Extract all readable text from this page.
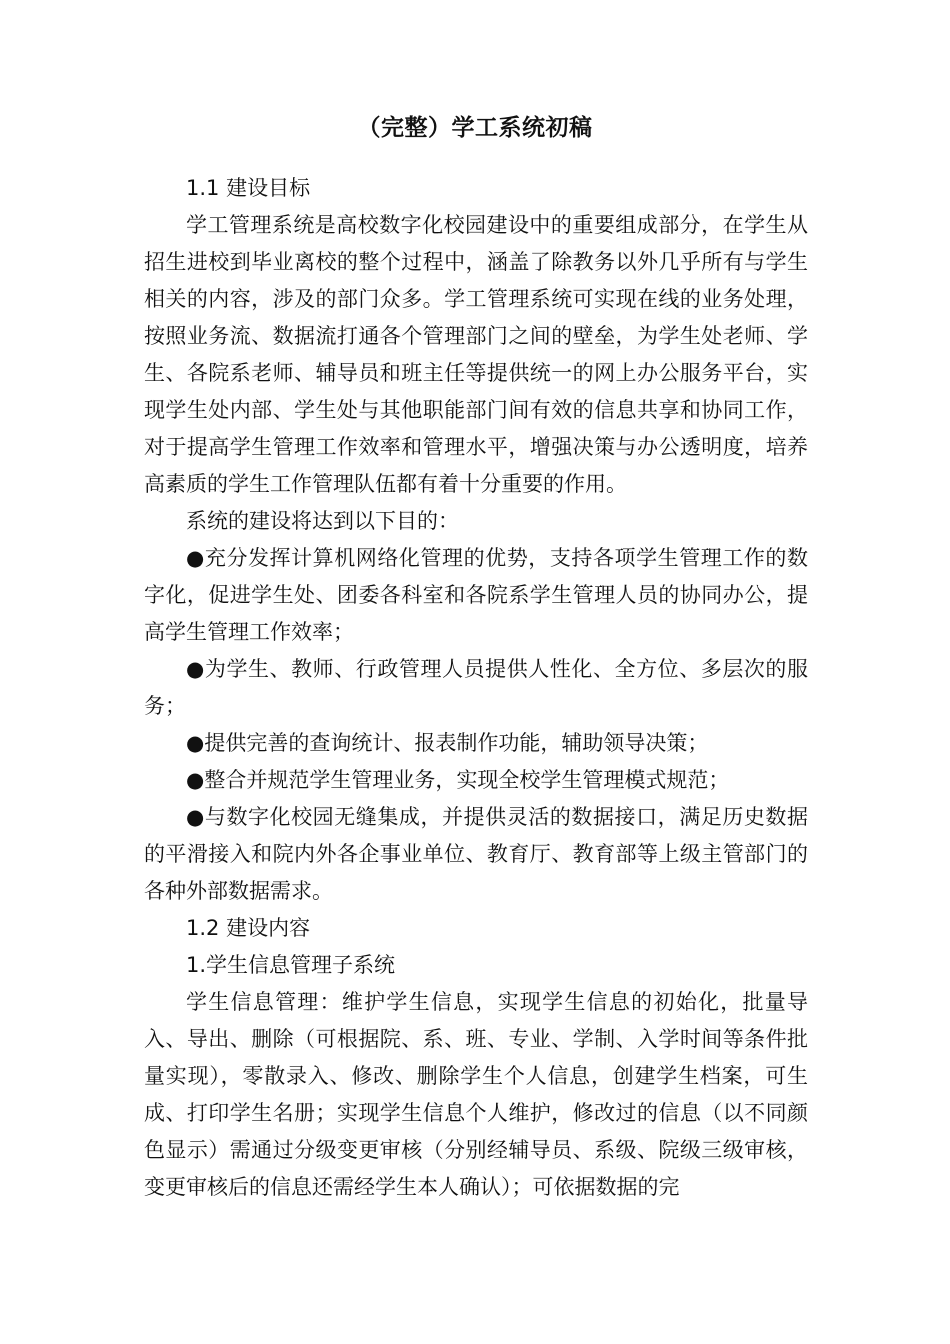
（完整）学工系统初稿

1.1 建设目标

学工管理系统是高校数字化校园建设中的重要组成部分，在学生从招生进校到毕业离校的整个过程中，涵盖了除教务以外几乎所有与学生相关的内容，涉及的部门众多。学工管理系统可实现在线的业务处理，按照业务流、数据流打通各个管理部门之间的壁垒，为学生处老师、学生、各院系老师、辅导员和班主任等提供统一的网上办公服务平台，实现学生处内部、学生处与其他职能部门间有效的信息共享和协同工作，对于提高学生管理工作效率和管理水平，增强决策与办公透明度，培养高素质的学生工作管理队伍都有着十分重要的作用。

系统的建设将达到以下目的：

●充分发挥计算机网络化管理的优势，支持各项学生管理工作的数字化，促进学生处、团委各科室和各院系学生管理人员的协同办公，提高学生管理工作效率；

●为学生、教师、行政管理人员提供人性化、全方位、多层次的服务；

●提供完善的查询统计、报表制作功能，辅助领导决策；

●整合并规范学生管理业务，实现全校学生管理模式规范；

●与数字化校园无缝集成，并提供灵活的数据接口，满足历史数据的平滑接入和院内外各企事业单位、教育厅、教育部等上级主管部门的各种外部数据需求。

1.2 建设内容

1.学生信息管理子系统

学生信息管理：维护学生信息，实现学生信息的初始化，批量导入、导出、删除（可根据院、系、班、专业、学制、入学时间等条件批量实现），零散录入、修改、删除学生个人信息，创建学生档案，可生成、打印学生名册；实现学生信息个人维护，修改过的信息（以不同颜色显示）需通过分级变更审核（分别经辅导员、系级、院级三级审核，变更审核后的信息还需经学生本人确认）；可依据数据的完
